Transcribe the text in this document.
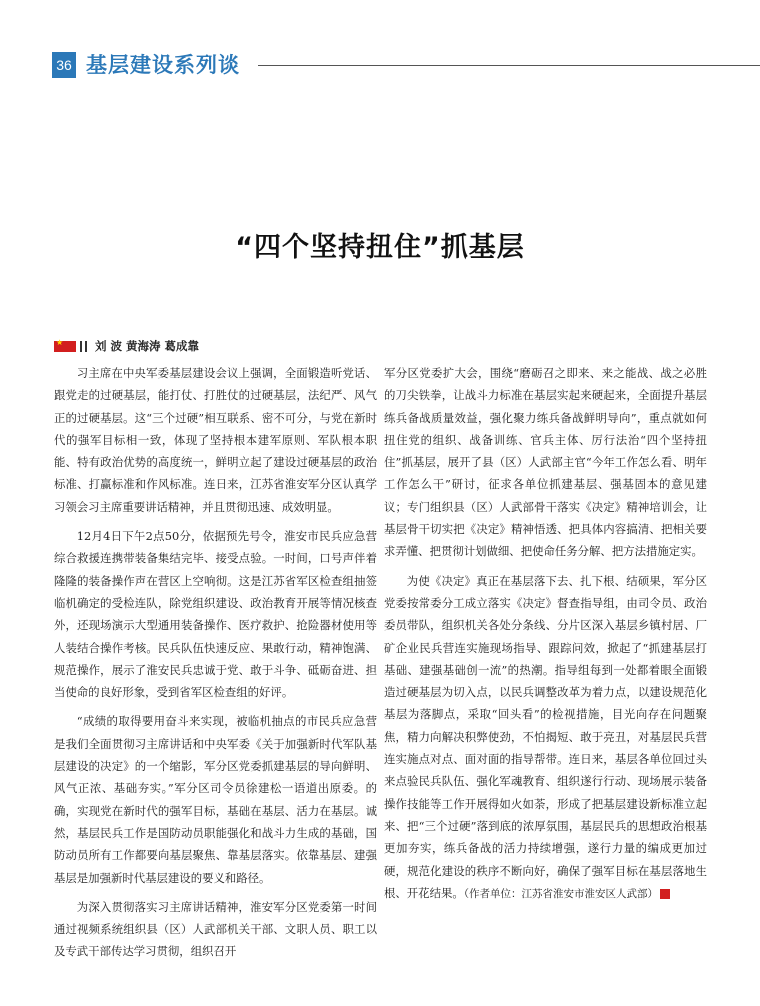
36 基层建设系列谈
“四个坚持扭住”抓基层
★
刘 波 黄海涛 葛成靠

习主席在中央军委基层建设会议上强调，全面锻造听党话、跟党走的过硬基层，能打仗、打胜仗的过硬基层，法纪严、风气正的过硬基层。这“三个过硬”相互联系、密不可分，与党在新时代的强军目标相一致，体现了坚持根本建军原则、军队根本职能、特有政治优势的高度统一，鲜明立起了建设过硬基层的政治标准、打赢标准和作风标准。连日来，江苏省淮安军分区认真学习领会习主席重要讲话精神，并且贯彻迅速、成效明显。

12月4日下午2点50分，依据预先号令，淮安市民兵应急营综合救援连携带装备集结完毕、接受点验。一时间，口号声伴着隆隆的装备操作声在营区上空响彻。这是江苏省军区检查组抽签临机确定的受检连队，除党组织建设、政治教育开展等情况核查外，还现场演示大型通用装备操作、医疗救护、抢险器材使用等人装结合操作考核。民兵队伍快速反应、果敢行动，精神饱满、规范操作，展示了淮安民兵忠诚于党、敢于斗争、砥砺奋进、担当使命的良好形象，受到省军区检查组的好评。

“成绩的取得要用奋斗来实现，被临机抽点的市民兵应急营是我们全面贯彻习主席讲话和中央军委《关于加强新时代军队基层建设的决定》的一个缩影，军分区党委抓建基层的导向鲜明、风气正浓、基础夯实。”军分区司令员徐建松一语道出原委。的确，实现党在新时代的强军目标，基础在基层、活力在基层。诚然，基层民兵工作是国防动员职能强化和战斗力生成的基础，国防动员所有工作都要向基层聚焦、靠基层落实。依靠基层、建强基层是加强新时代基层建设的要义和路径。

为深入贯彻落实习主席讲话精神，淮安军分区党委第一时间通过视频系统组织县（区）人武部机关干部、文职人员、职工以及专武干部传达学习贯彻，组织召开

军分区党委扩大会，围绕“磨砺召之即来、来之能战、战之必胜的刀尖铁拳，让战斗力标准在基层实起来硬起来，全面提升基层练兵备战质量效益，强化聚力练兵备战鲜明导向”，重点就如何扭住党的组织、战备训练、官兵主体、厉行法治“四个坚持扭住”抓基层，展开了县（区）人武部主官“今年工作怎么看、明年工作怎么干”研讨，征求各单位抓建基层、强基固本的意见建议；专门组织县（区）人武部骨干落实《决定》精神培训会，让基层骨干切实把《决定》精神悟透、把具体内容搞清、把相关要求弄懂、把贯彻计划做细、把使命任务分解、把方法措施定实。

为使《决定》真正在基层落下去、扎下根、结硕果，军分区党委按常委分工成立落实《决定》督查指导组，由司令员、政治委员带队，组织机关各处分条线、分片区深入基层乡镇村居、厂矿企业民兵营连实施现场指导、跟踪问效，掀起了“抓建基层打基础、建强基础创一流”的热潮。指导组每到一处都着眼全面锻造过硬基层为切入点，以民兵调整改革为着力点，以建设规范化基层为落脚点，采取“回头看”的检视措施，目光向存在问题聚焦，精力向解决积弊使劲，不怕揭短、敢于亮丑，对基层民兵营连实施点对点、面对面的指导帮带。连日来，基层各单位回过头来点验民兵队伍、强化军魂教育、组织遂行行动、现场展示装备操作技能等工作开展得如火如荼，形成了把基层建设新标准立起来、把“三个过硬”落到底的浓厚氛围，基层民兵的思想政治根基更加夯实，练兵备战的活力持续增强，遂行力量的编成更加过硬，规范化建设的秩序不断向好，确保了强军目标在基层落地生根、开花结果。（作者单位：江苏省淮安市淮安区人武部）	G
